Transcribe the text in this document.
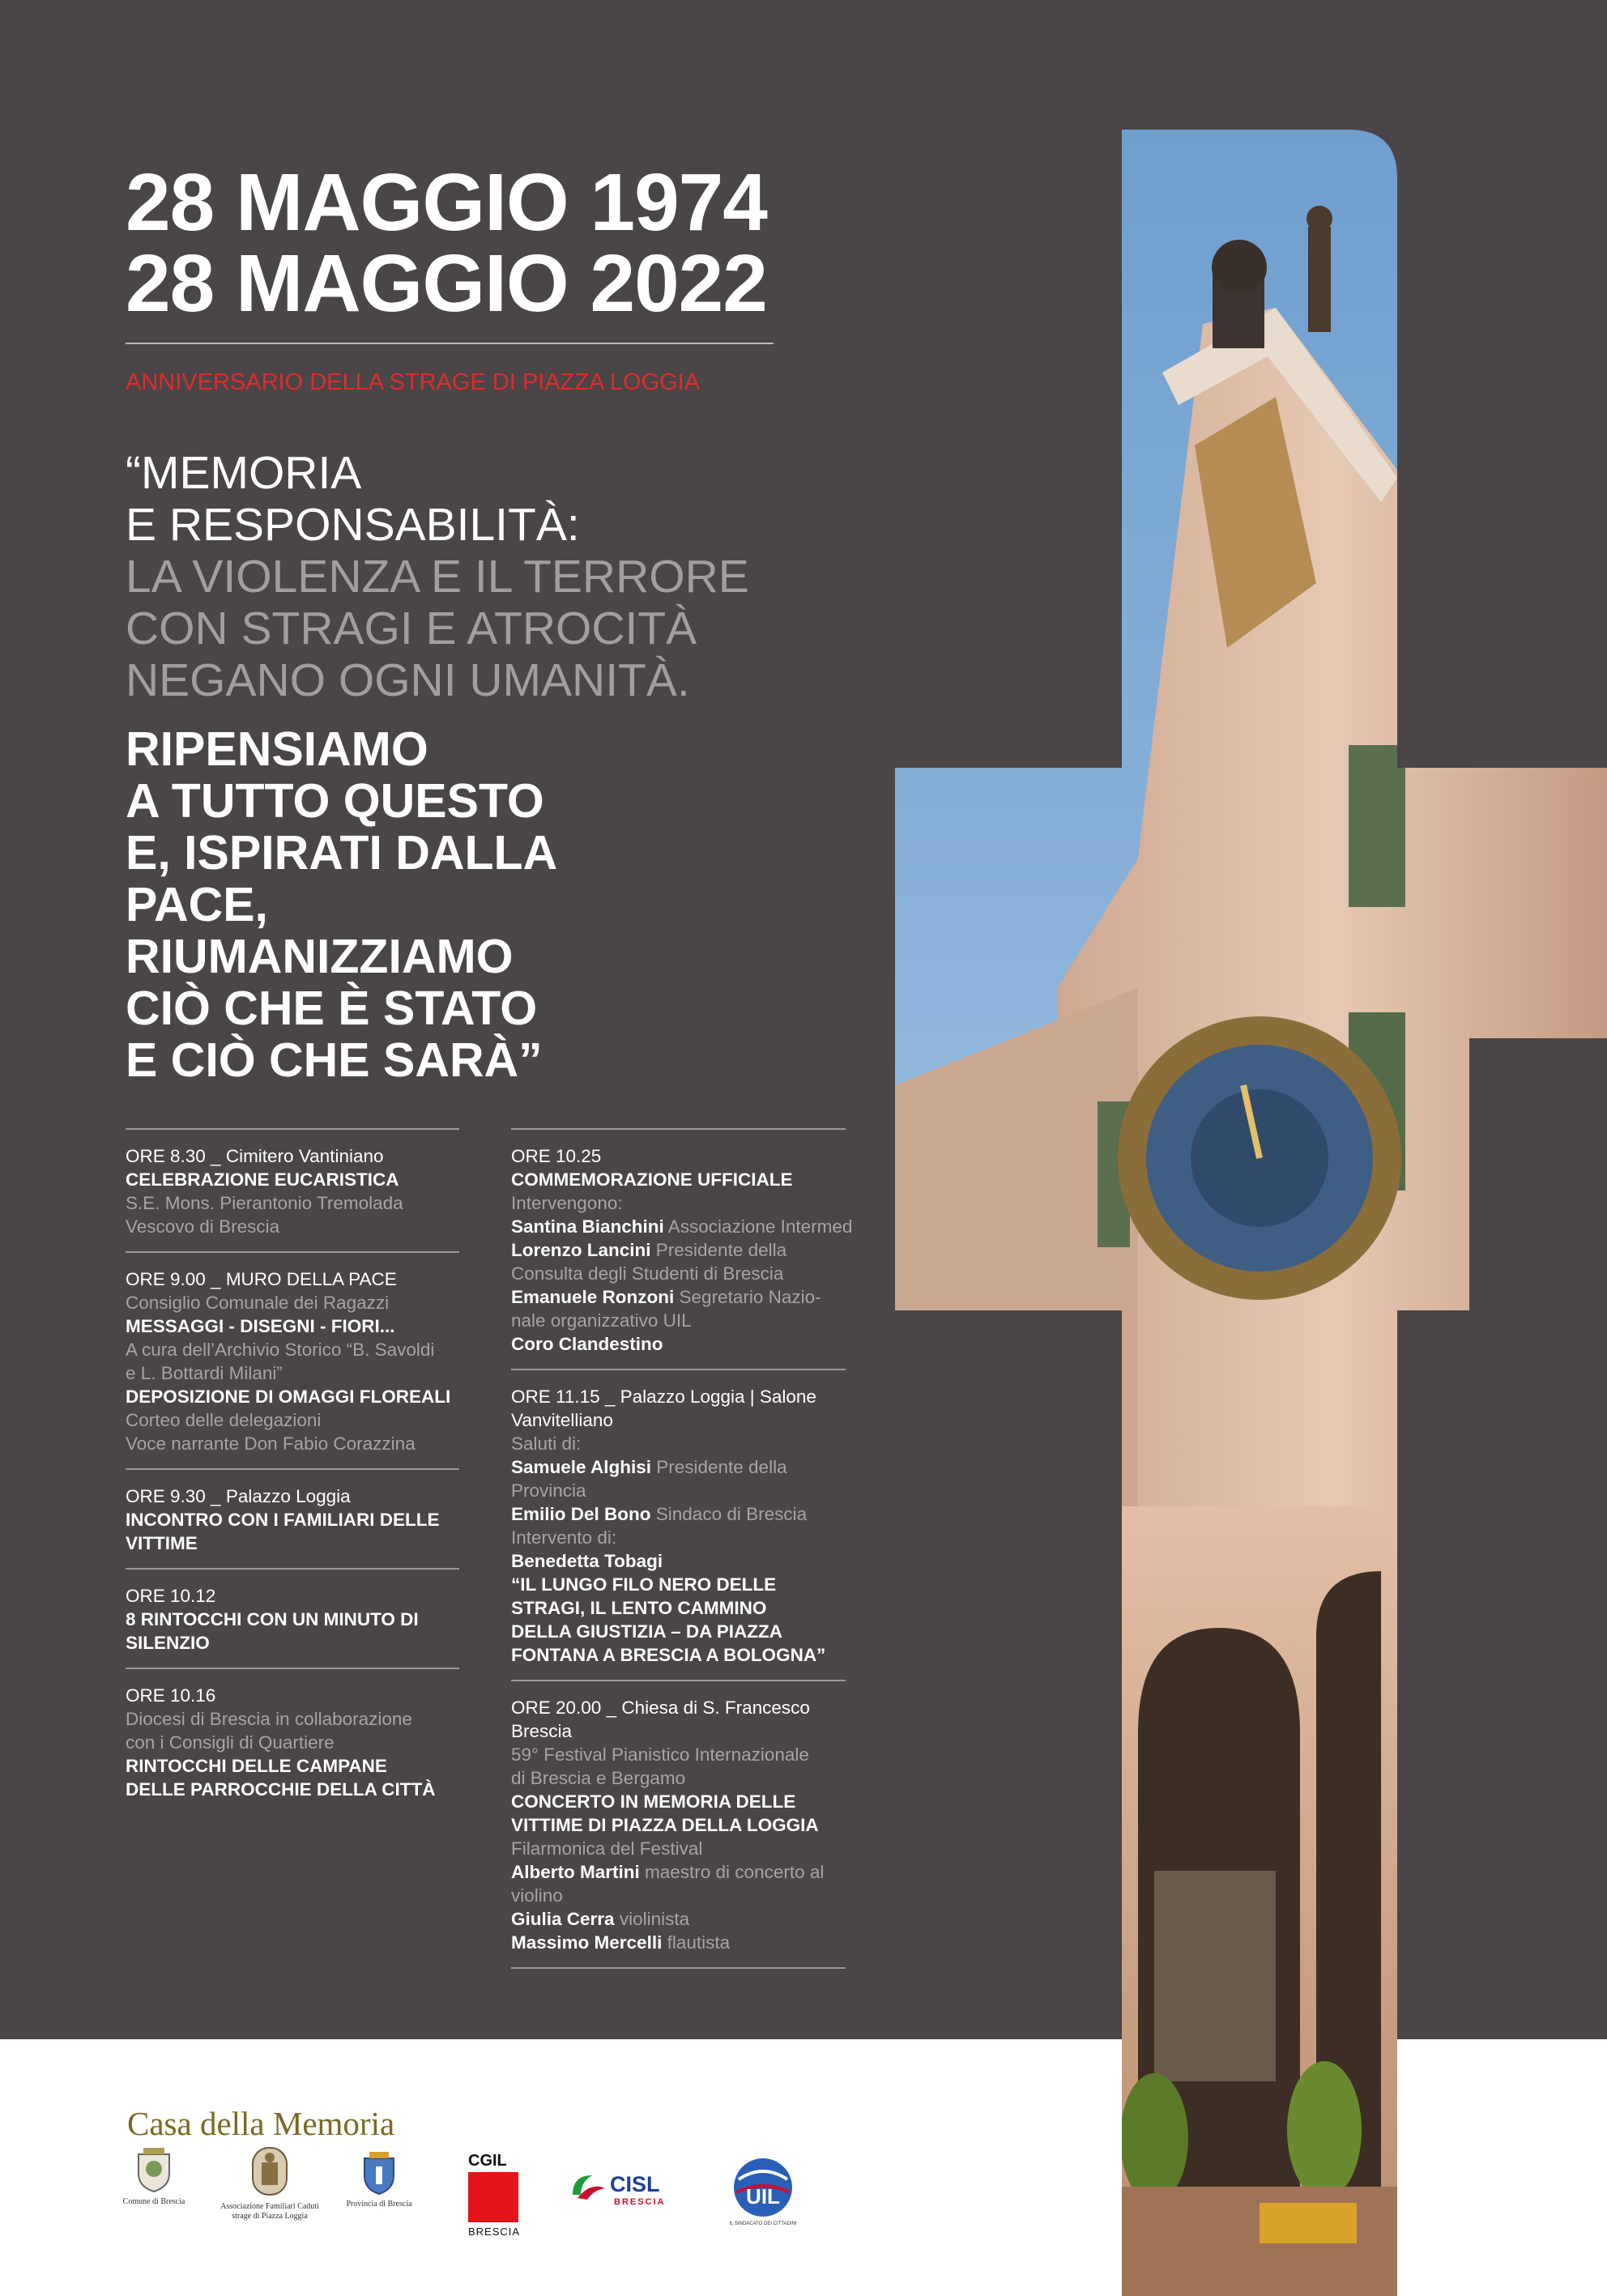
28 MAGGIO 1974
28 MAGGIO 2022
ANNIVERSARIO DELLA STRAGE DI PIAZZA LOGGIA
“MEMORIA
E RESPONSABILITÀ:
LA VIOLENZA E IL TERRORE
CON STRAGI E ATROCITÀ
NEGANO OGNI UMANITÀ.
RIPENSIAMO
A TUTTO QUESTO
E, ISPIRATI DALLA
PACE,
RIUMANIZZIAMO
CIÒ CHE È STATO
E CIÒ CHE SARÀ”
ORE 8.30 _ Cimitero Vantiniano
CELEBRAZIONE EUCARISTICA
S.E. Mons. Pierantonio Tremolada
Vescovo di Brescia
ORE 9.00 _ MURO DELLA PACE
Consiglio Comunale dei Ragazzi
MESSAGGI - DISEGNI - FIORI...
A cura dell’Archivio Storico “B. Savoldi
e L. Bottardi Milani”
DEPOSIZIONE DI OMAGGI FLOREALI
Corteo delle delegazioni
Voce narrante Don Fabio Corazzina
ORE 9.30 _ Palazzo Loggia
INCONTRO CON I FAMILIARI DELLE
VITTIME
ORE 10.12
8 RINTOCCHI CON UN MINUTO DI
SILENZIO
ORE 10.16
Diocesi di Brescia in collaborazione
con i Consigli di Quartiere
RINTOCCHI DELLE CAMPANE
DELLE PARROCCHIE DELLA CITTÀ
ORE 10.25
COMMEMORAZIONE UFFICIALE
Intervengono:
Santina Bianchini Associazione Intermed
Lorenzo Lancini Presidente della
Consulta degli Studenti di Brescia
Emanuele Ronzoni Segretario Nazio-
nale organizzativo UIL
Coro Clandestino
ORE 11.15 _ Palazzo Loggia | Salone
Vanvitelliano
Saluti di:
Samuele Alghisi Presidente della
Provincia
Emilio Del Bono Sindaco di Brescia
Intervento di:
Benedetta Tobagi
“IL LUNGO FILO NERO DELLE
STRAGI, IL LENTO CAMMINO
DELLA GIUSTIZIA – DA PIAZZA
FONTANA A BRESCIA A BOLOGNA”
ORE 20.00 _ Chiesa di S. Francesco
Brescia
59° Festival Pianistico Internazionale
di Brescia e Bergamo
CONCERTO IN MEMORIA DELLE
VITTIME DI PIAZZA DELLA LOGGIA
Filarmonica del Festival
Alberto Martini maestro di concerto al
violino
Giulia Cerra violinista
Massimo Mercelli flautista
Casa della Memoria
Comune di Brescia
Associazione Familiari Caduti
strage di Piazza Loggia
Provincia di Brescia
CGIL
BRESCIA
CISL
BRESCIA	UIL
IL SINDACATO DEI CITTADINI
